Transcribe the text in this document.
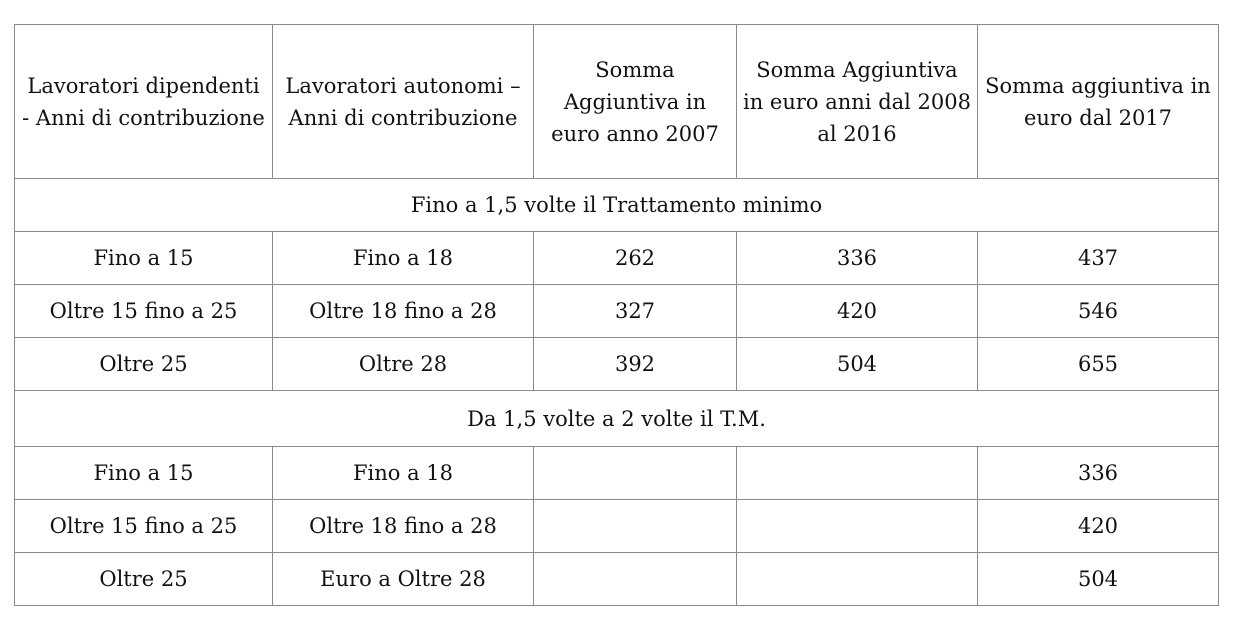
Lavoratori dipendenti - Anni di contribuzione	Lavoratori autonomi – Anni di contribuzione	Somma Aggiuntiva in euro anno 2007	Somma Aggiuntiva in euro anni dal 2008 al 2016	Somma aggiuntiva in euro dal 2017
Fino a 1,5 volte il Trattamento minimo				
Fino a 15	Fino a 18	262	336	437
Oltre 15 fino a 25	Oltre 18 fino a 28	327	420	546
Oltre 25	Oltre 28	392	504	655
Da 1,5 volte a 2 volte il T.M.				
Fino a 15	Fino a 18			336
Oltre 15 fino a 25	Oltre 18 fino a 28			420
Oltre 25	Euro a Oltre 28			504
